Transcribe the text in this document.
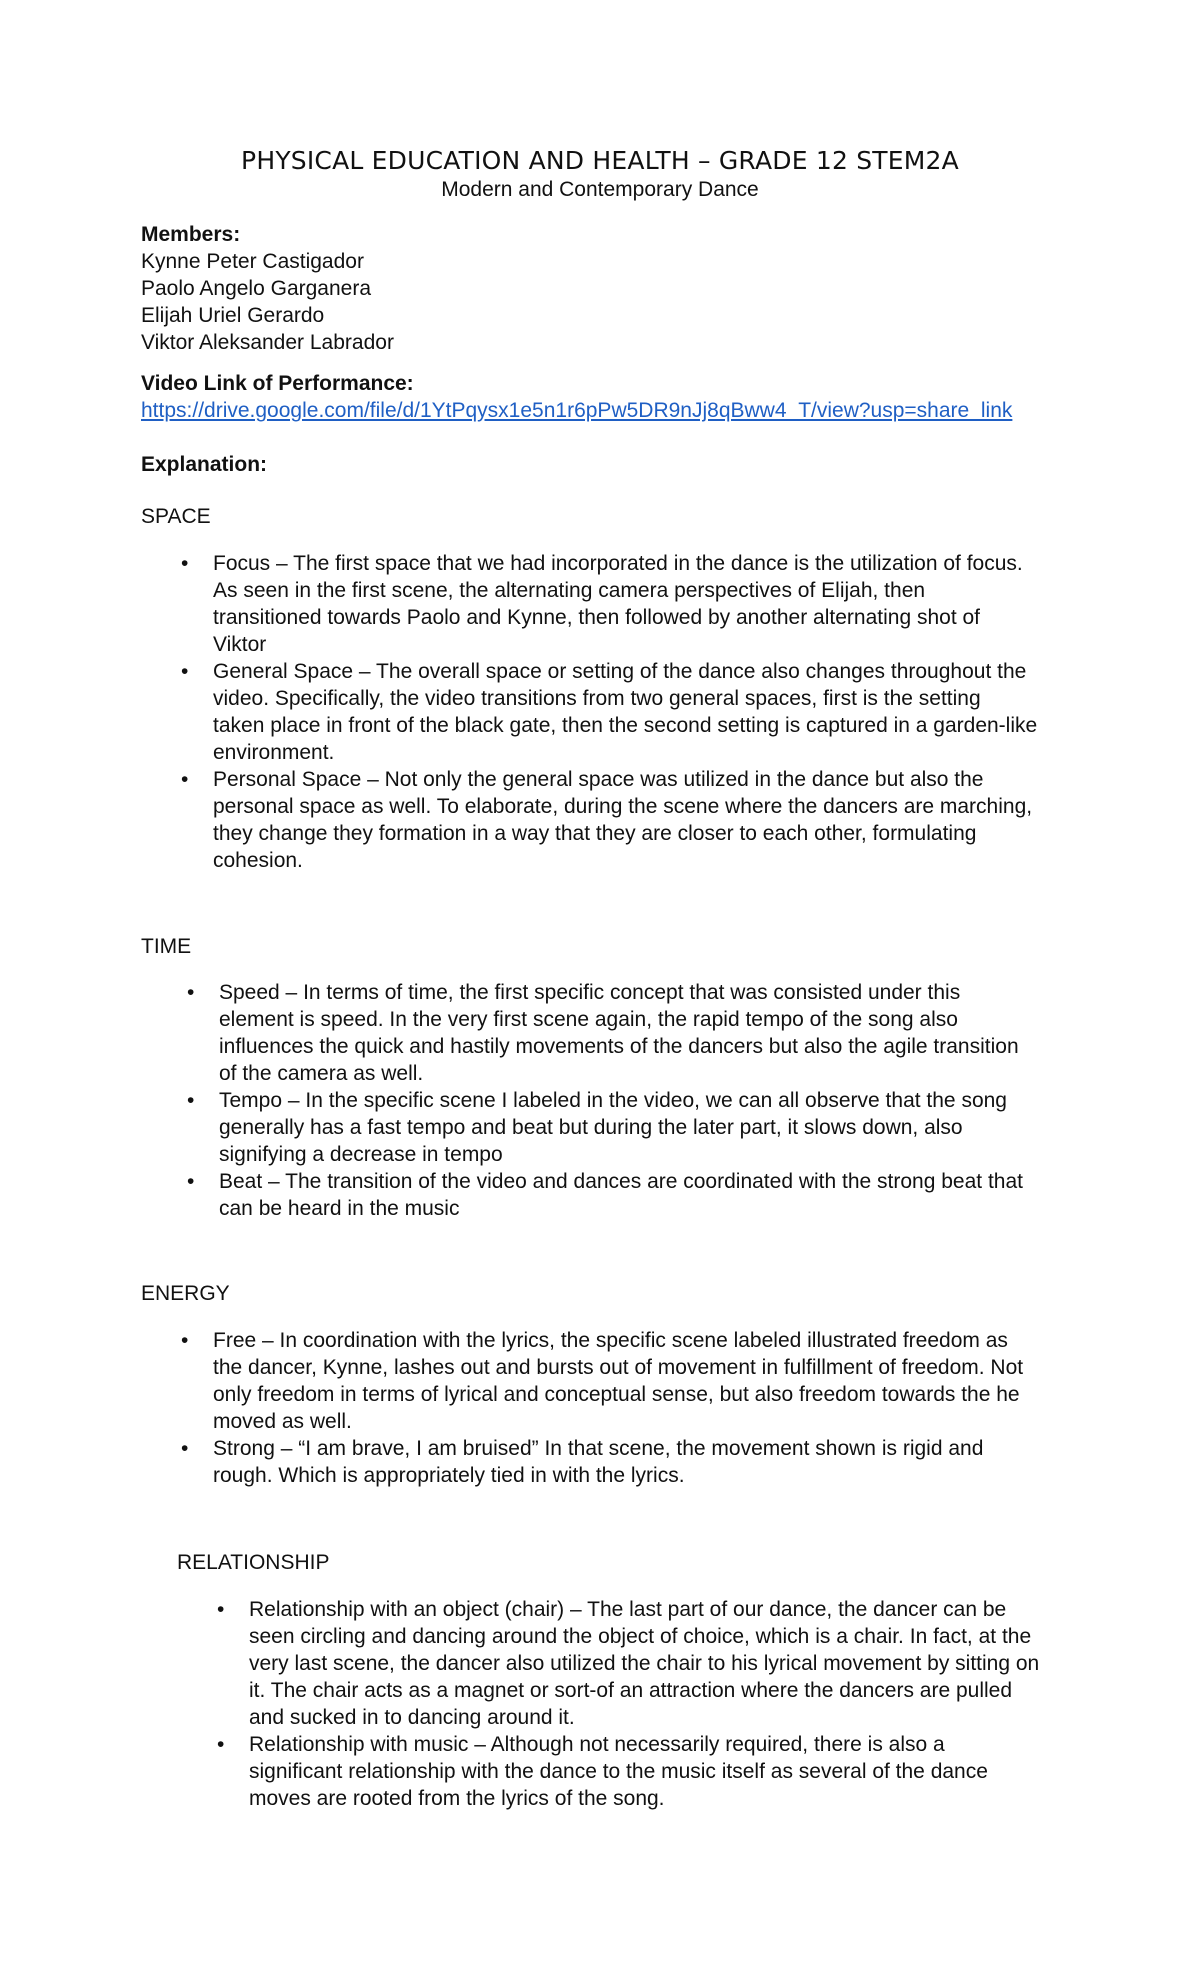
PHYSICAL EDUCATION AND HEALTH – GRADE 12 STEM2A
Modern and Contemporary Dance
Members:
Kynne Peter Castigador
Paolo Angelo Garganera
Elijah Uriel Gerardo
Viktor Aleksander Labrador
Video Link of Performance:
https://drive.google.com/file/d/1YtPqysx1e5n1r6pPw5DR9nJj8qBww4_T/view?usp=share_link
Explanation:
SPACE
• Focus – The first space that we had incorporated in the dance is the utilization of focus.
As seen in the first scene, the alternating camera perspectives of Elijah, then
transitioned towards Paolo and Kynne, then followed by another alternating shot of
Viktor
• General Space – The overall space or setting of the dance also changes throughout the
video. Specifically, the video transitions from two general spaces, first is the setting
taken place in front of the black gate, then the second setting is captured in a garden-like
environment.
• Personal Space – Not only the general space was utilized in the dance but also the
personal space as well. To elaborate, during the scene where the dancers are marching,
they change they formation in a way that they are closer to each other, formulating
cohesion.
TIME
• Speed – In terms of time, the first specific concept that was consisted under this
element is speed. In the very first scene again, the rapid tempo of the song also
influences the quick and hastily movements of the dancers but also the agile transition
of the camera as well.
• Tempo – In the specific scene I labeled in the video, we can all observe that the song
generally has a fast tempo and beat but during the later part, it slows down, also
signifying a decrease in tempo
• Beat – The transition of the video and dances are coordinated with the strong beat that
can be heard in the music
ENERGY
• Free – In coordination with the lyrics, the specific scene labeled illustrated freedom as
the dancer, Kynne, lashes out and bursts out of movement in fulfillment of freedom. Not
only freedom in terms of lyrical and conceptual sense, but also freedom towards the he
moved as well.
• Strong – “I am brave, I am bruised” In that scene, the movement shown is rigid and
rough. Which is appropriately tied in with the lyrics.
RELATIONSHIP
• Relationship with an object (chair) – The last part of our dance, the dancer can be
seen circling and dancing around the object of choice, which is a chair. In fact, at the
very last scene, the dancer also utilized the chair to his lyrical movement by sitting on
it. The chair acts as a magnet or sort-of an attraction where the dancers are pulled
and sucked in to dancing around it.
• Relationship with music – Although not necessarily required, there is also a
significant relationship with the dance to the music itself as several of the dance
moves are rooted from the lyrics of the song.
